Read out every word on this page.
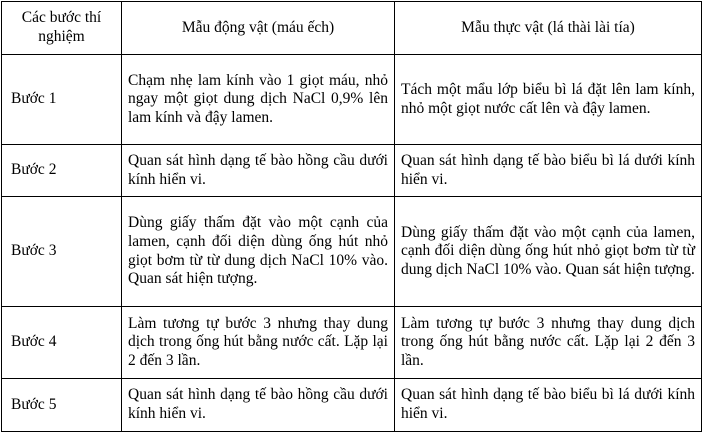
Các bước thí nghiệm	Mẫu động vật (máu ếch)	Mẫu thực vật (lá thài lài tía)
Bước 1	Chạm nhẹ lam kính vào 1 giọt máu, nhỏ ngay một giọt dung dịch NaCl 0,9% lên lam kính và đậy lamen.	Tách một mẩu lớp biểu bì lá đặt lên lam kính, nhỏ một giọt nước cất lên và đậy lamen.
Bước 2	Quan sát hình dạng tế bào hồng cầu dưới kính hiển vi.	Quan sát hình dạng tế bào biểu bì lá dưới kính hiển vi.
Bước 3	Dùng giấy thấm đặt vào một cạnh của lamen, cạnh đối diện dùng ống hút nhỏ giọt bơm từ từ dung dịch NaCl 10% vào. Quan sát hiện tượng.	Dùng giấy thấm đặt vào một cạnh của lamen, cạnh đối diện dùng ống hút nhỏ giọt bơm từ từ dung dịch NaCl 10% vào. Quan sát hiện tượng.
Bước 4	Làm tương tự bước 3 nhưng thay dung dịch trong ống hút bằng nước cất. Lặp lại 2 đến 3 lần.	Làm tương tự bước 3 nhưng thay dung dịch trong ống hút bằng nước cất. Lặp lại 2 đến 3 lần.
Bước 5	Quan sát hình dạng tế bào hồng cầu dưới kính hiển vi.	Quan sát hình dạng tế bào biểu bì lá dưới kính hiển vi.
